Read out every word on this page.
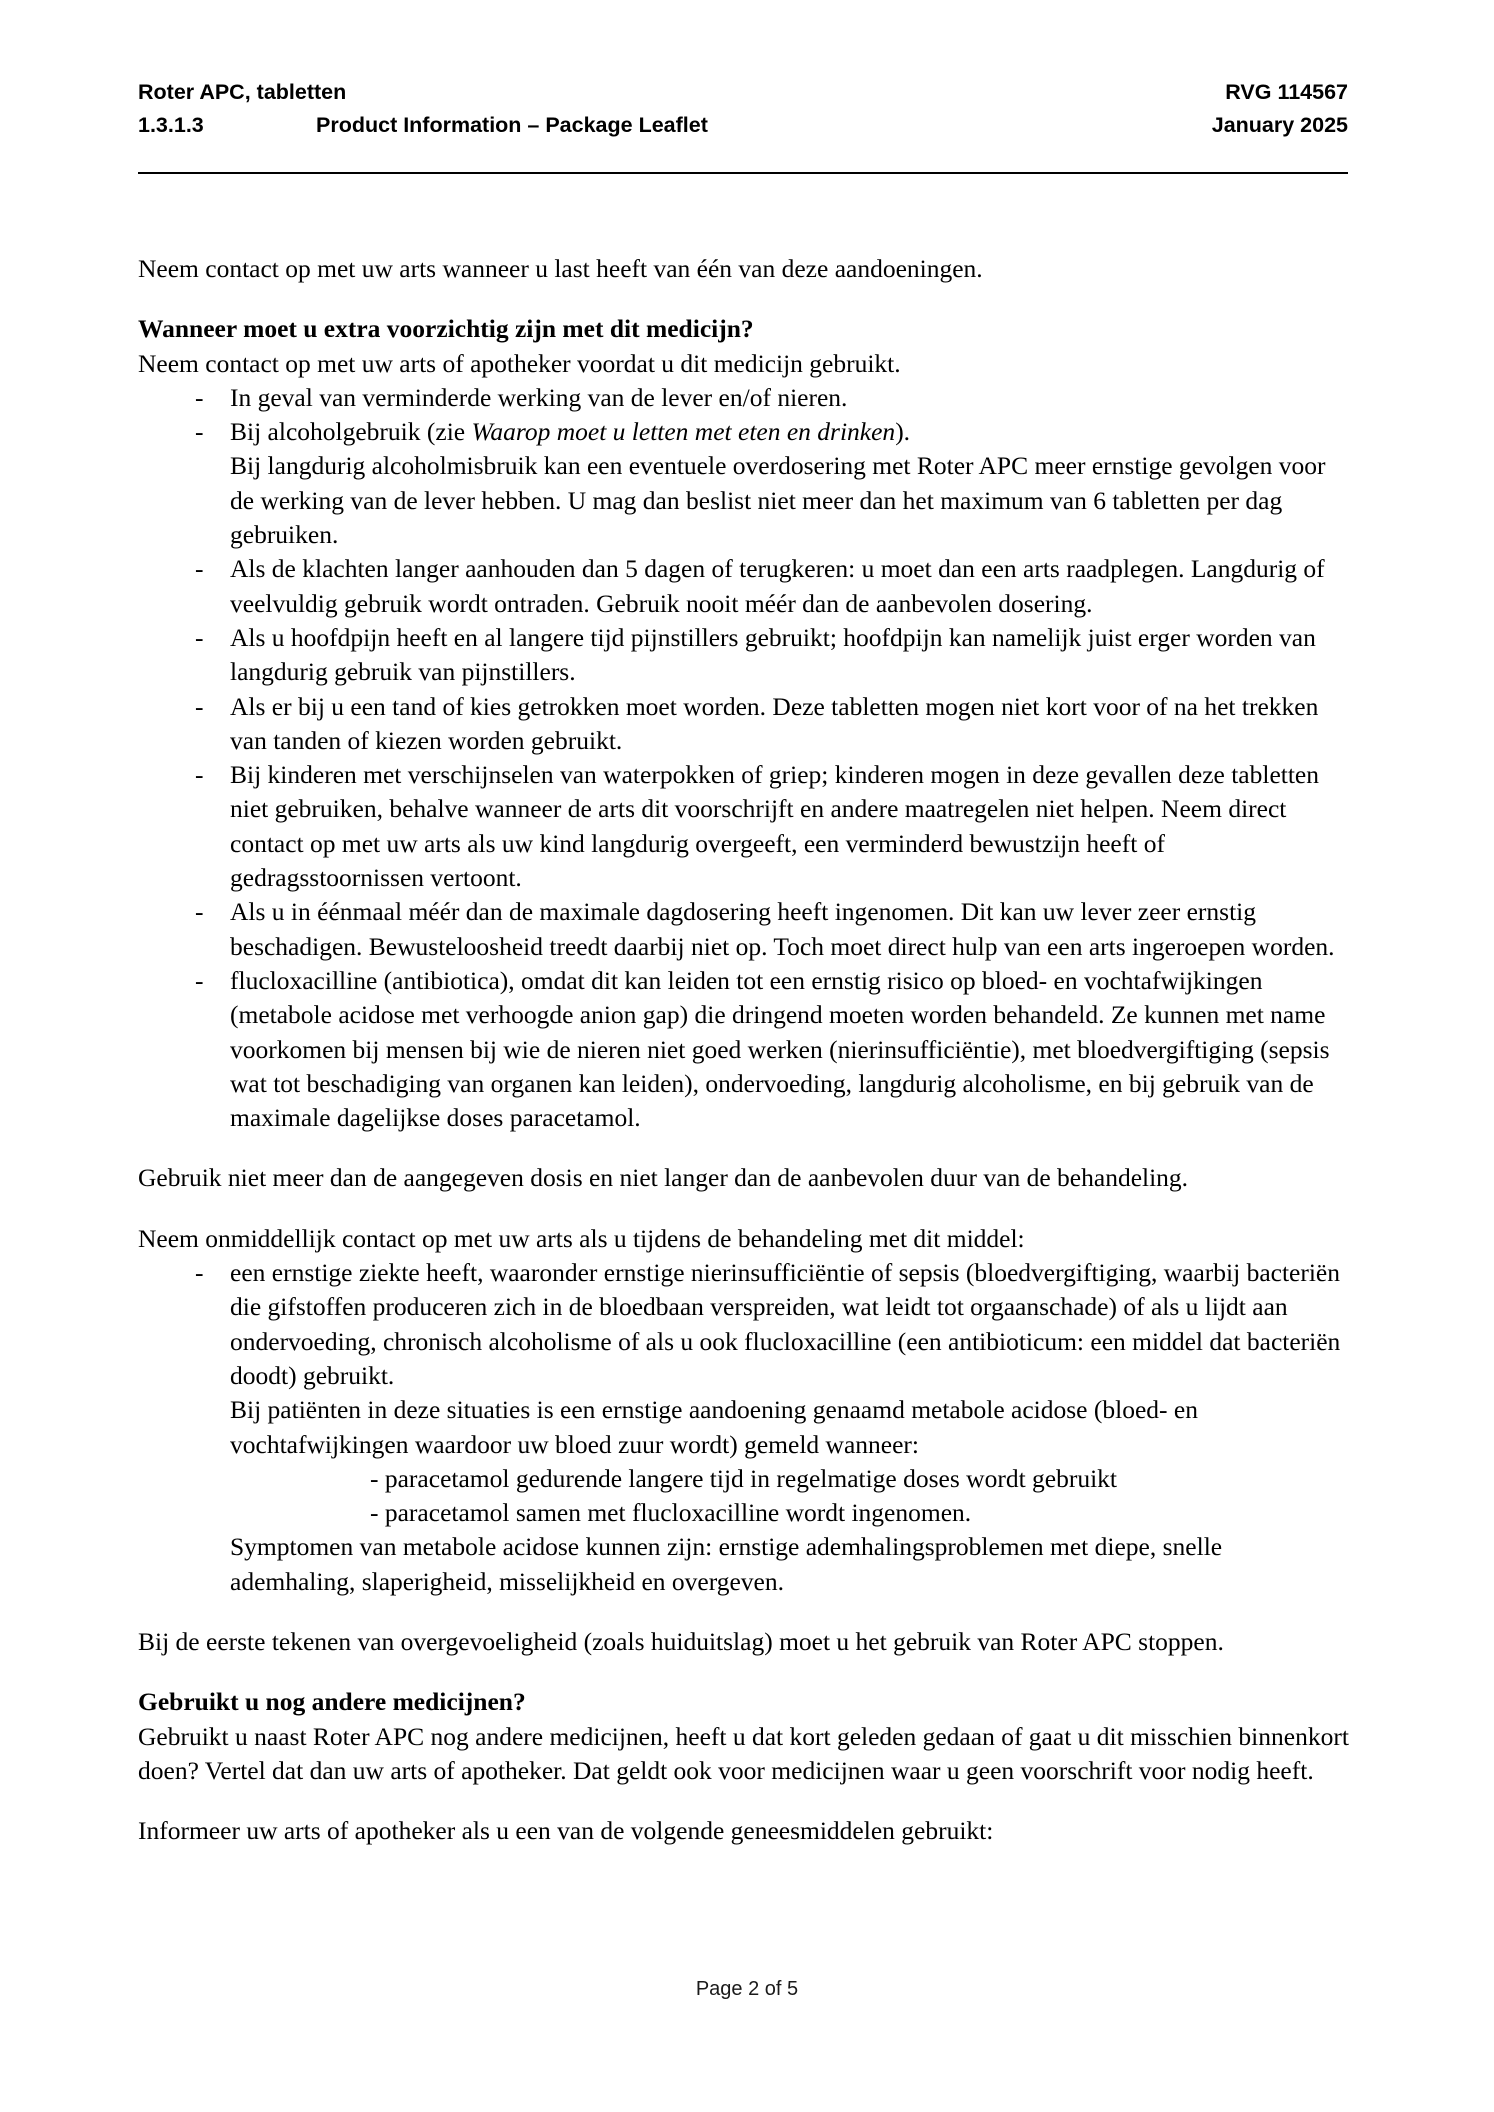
Roter APC, tabletten	RVG 114567
1.3.1.3	Product Information – Package Leaflet	January 2025

Neem contact op met uw arts wanneer u last heeft van één van deze aandoeningen.

Wanneer moet u extra voorzichtig zijn met dit medicijn?

Neem contact op met uw arts of apotheker voordat u dit medicijn gebruikt.

- In geval van verminderde werking van de lever en/of nieren.
- Bij alcoholgebruik (zie Waarop moet u letten met eten en drinken).
Bij langdurig alcoholmisbruik kan een eventuele overdosering met Roter APC meer ernstige gevolgen voor de werking van de lever hebben. U mag dan beslist niet meer dan het maximum van 6 tabletten per dag gebruiken.
- Als de klachten langer aanhouden dan 5 dagen of terugkeren: u moet dan een arts raadplegen. Langdurig of veelvuldig gebruik wordt ontraden. Gebruik nooit méér dan de aanbevolen dosering.
- Als u hoofdpijn heeft en al langere tijd pijnstillers gebruikt; hoofdpijn kan namelijk juist erger worden van langdurig gebruik van pijnstillers.
- Als er bij u een tand of kies getrokken moet worden. Deze tabletten mogen niet kort voor of na het trekken van tanden of kiezen worden gebruikt.
- Bij kinderen met verschijnselen van waterpokken of griep; kinderen mogen in deze gevallen deze tabletten niet gebruiken, behalve wanneer de arts dit voorschrijft en andere maatregelen niet helpen. Neem direct contact op met uw arts als uw kind langdurig overgeeft, een verminderd bewustzijn heeft of gedragsstoornissen vertoont.
- Als u in éénmaal méér dan de maximale dagdosering heeft ingenomen. Dit kan uw lever zeer ernstig beschadigen. Bewusteloosheid treedt daarbij niet op. Toch moet direct hulp van een arts ingeroepen worden.
- flucloxacilline (antibiotica), omdat dit kan leiden tot een ernstig risico op bloed- en vochtafwijkingen (metabole acidose met verhoogde anion gap) die dringend moeten worden behandeld. Ze kunnen met name voorkomen bij mensen bij wie de nieren niet goed werken (nierinsufficiëntie), met bloedvergiftiging (sepsis wat tot beschadiging van organen kan leiden), ondervoeding, langdurig alcoholisme, en bij gebruik van de maximale dagelijkse doses paracetamol.

Gebruik niet meer dan de aangegeven dosis en niet langer dan de aanbevolen duur van de behandeling.

Neem onmiddellijk contact op met uw arts als u tijdens de behandeling met dit middel:

- een ernstige ziekte heeft, waaronder ernstige nierinsufficiëntie of sepsis (bloedvergiftiging, waarbij bacteriën die gifstoffen produceren zich in de bloedbaan verspreiden, wat leidt tot orgaanschade) of als u lijdt aan ondervoeding, chronisch alcoholisme of als u ook flucloxacilline (een antibioticum: een middel dat bacteriën doodt) gebruikt.
Bij patiënten in deze situaties is een ernstige aandoening genaamd metabole acidose (bloed- en vochtafwijkingen waardoor uw bloed zuur wordt) gemeld wanneer:
- paracetamol gedurende langere tijd in regelmatige doses wordt gebruikt
- paracetamol samen met flucloxacilline wordt ingenomen.
Symptomen van metabole acidose kunnen zijn: ernstige ademhalingsproblemen met diepe, snelle ademhaling, slaperigheid, misselijkheid en overgeven.

Bij de eerste tekenen van overgevoeligheid (zoals huiduitslag) moet u het gebruik van Roter APC stoppen.

Gebruikt u nog andere medicijnen?

Gebruikt u naast Roter APC nog andere medicijnen, heeft u dat kort geleden gedaan of gaat u dit misschien binnenkort doen? Vertel dat dan uw arts of apotheker. Dat geldt ook voor medicijnen waar u geen voorschrift voor nodig heeft.

Informeer uw arts of apotheker als u een van de volgende geneesmiddelen gebruikt:

Page 2 of 5
